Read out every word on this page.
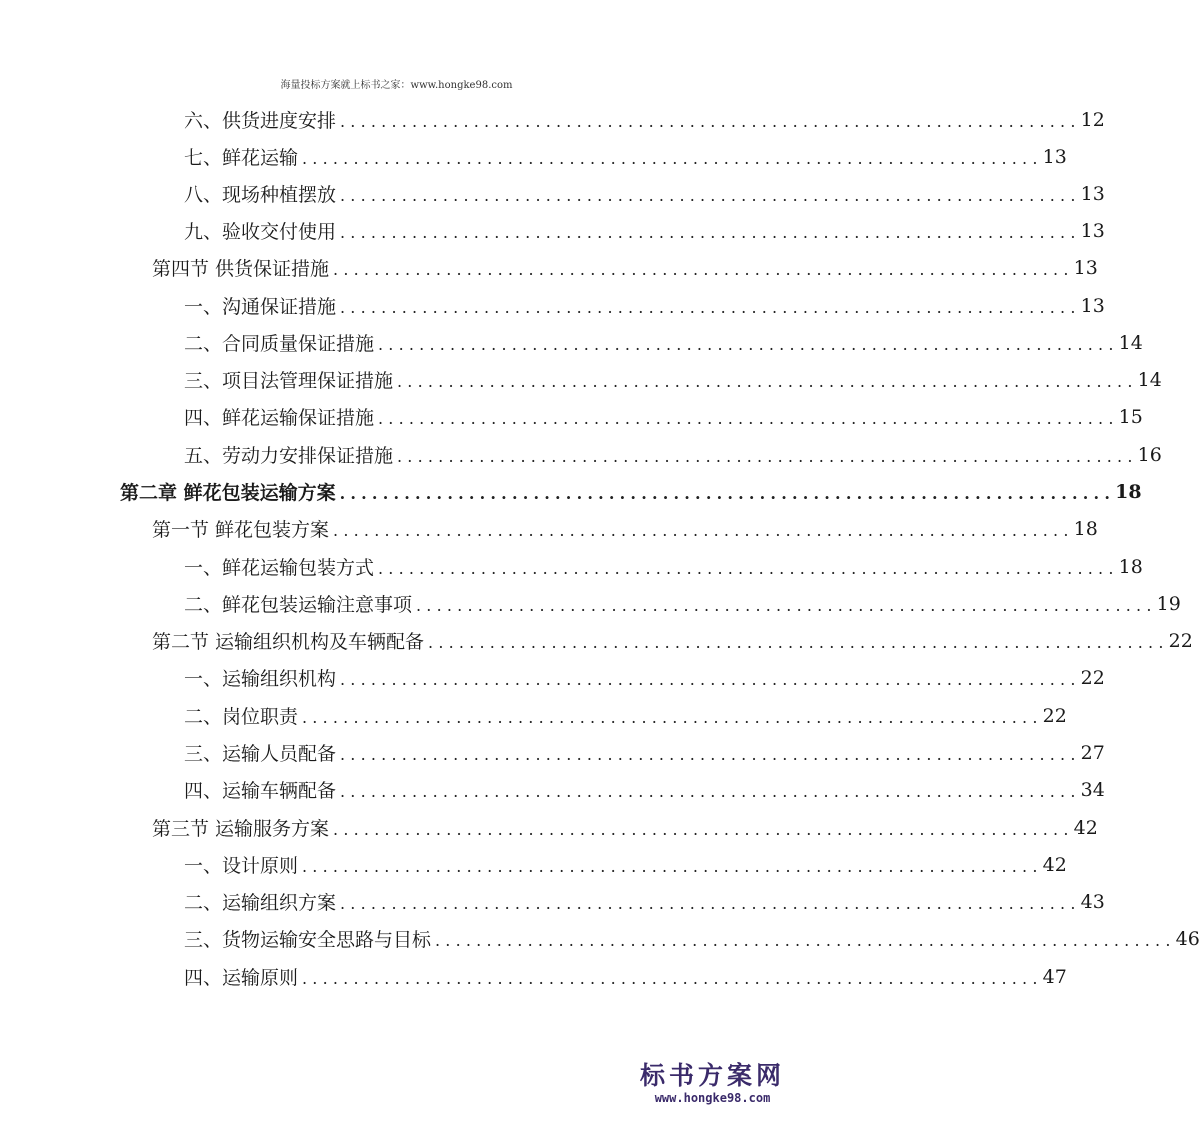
海量投标方案就上标书之家：www.hongke98.com
六、供货进度安排 ........................................................................ 12
七、鲜花运输 ........................................................................ 13
八、现场种植摆放 ........................................................................ 13
九、验收交付使用 ........................................................................ 13
第四节 供货保证措施 ........................................................................ 13
一、沟通保证措施 ........................................................................ 13
二、合同质量保证措施 ........................................................................ 14
三、项目法管理保证措施 ........................................................................ 14
四、鲜花运输保证措施 ........................................................................ 15
五、劳动力安排保证措施 ........................................................................ 16
第二章 鲜花包装运输方案 ........................................................................ 18
第一节 鲜花包装方案 ........................................................................ 18
一、鲜花运输包装方式 ........................................................................ 18
二、鲜花包装运输注意事项 ........................................................................ 19
第二节 运输组织机构及车辆配备 ........................................................................ 22
一、运输组织机构 ........................................................................ 22
二、岗位职责 ........................................................................ 22
三、运输人员配备 ........................................................................ 27
四、运输车辆配备 ........................................................................ 34
第三节 运输服务方案 ........................................................................ 42
一、设计原则 ........................................................................ 42
二、运输组织方案 ........................................................................ 43
三、货物运输安全思路与目标 ........................................................................ 46
四、运输原则 ........................................................................ 47
标书方案网
www.hongke98.com
